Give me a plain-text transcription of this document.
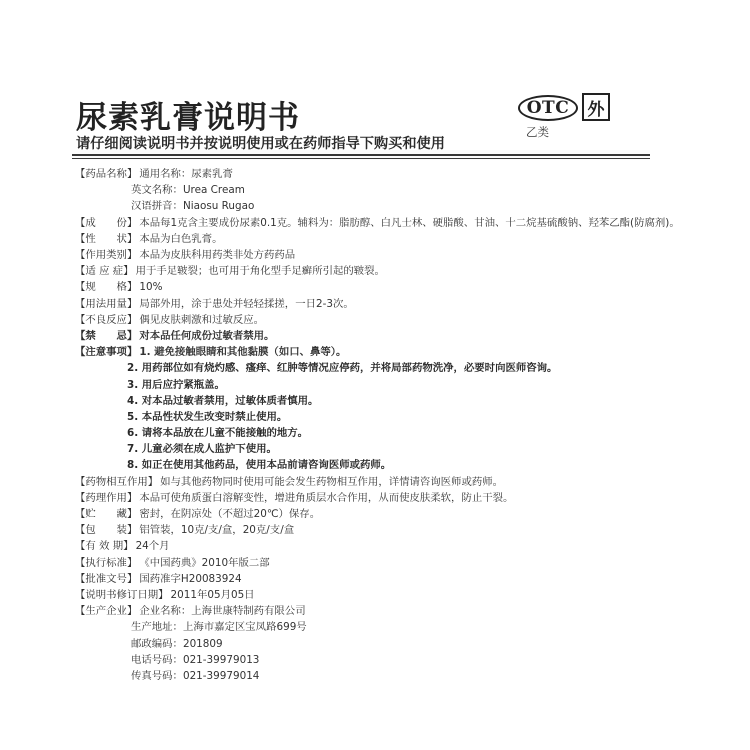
尿素乳膏说明书	OTC	外
乙类
请仔细阅读说明书并按说明使用或在药师指导下购买和使用
【药品名称】 通用名称： 尿素乳膏
英文名称： Urea Cream
汉语拼音： Niaosu Rugao
【成　　份】 本品每1克含主要成份尿素0.1克。辅料为：脂肪醇、白凡士林、硬脂酸、甘油、十二烷基硫酸钠、羟苯乙酯(防腐剂)。
【性　　状】 本品为白色乳膏。
【作用类别】 本品为皮肤科用药类非处方药药品
【适 应 症】 用于手足皲裂；也可用于角化型手足癣所引起的皲裂。
【规　　格】 10%
【用法用量】 局部外用，涂于患处并轻轻揉搓，一日2-3次。
【不良反应】 偶见皮肤刺激和过敏反应。
【禁　　忌】 对本品任何成份过敏者禁用。
【注意事项】 1. 避免接触眼睛和其他黏膜（如口、鼻等）。
2. 用药部位如有烧灼感、瘙痒、红肿等情况应停药，并将局部药物洗净，必要时向医师咨询。
3. 用后应拧紧瓶盖。
4. 对本品过敏者禁用，过敏体质者慎用。
5. 本品性状发生改变时禁止使用。
6. 请将本品放在儿童不能接触的地方。
7. 儿童必须在成人监护下使用。
8. 如正在使用其他药品，使用本品前请咨询医师或药师。
【药物相互作用】 如与其他药物同时使用可能会发生药物相互作用，详情请咨询医师或药师。
【药理作用】 本品可使角质蛋白溶解变性，增进角质层水合作用，从而使皮肤柔软，防止干裂。
【贮　　藏】 密封，在阴凉处（不超过20℃）保存。
【包　　装】 铝管装，10克/支/盒，20克/支/盒
【有 效 期】 24个月
【执行标准】 《中国药典》2010年版二部
【批准文号】 国药准字H20083924
【说明书修订日期】 2011年05月05日
【生产企业】 企业名称： 上海世康特制药有限公司
生产地址： 上海市嘉定区宝凤路699号
邮政编码： 201809
电话号码： 021-39979013
传真号码： 021-39979014
